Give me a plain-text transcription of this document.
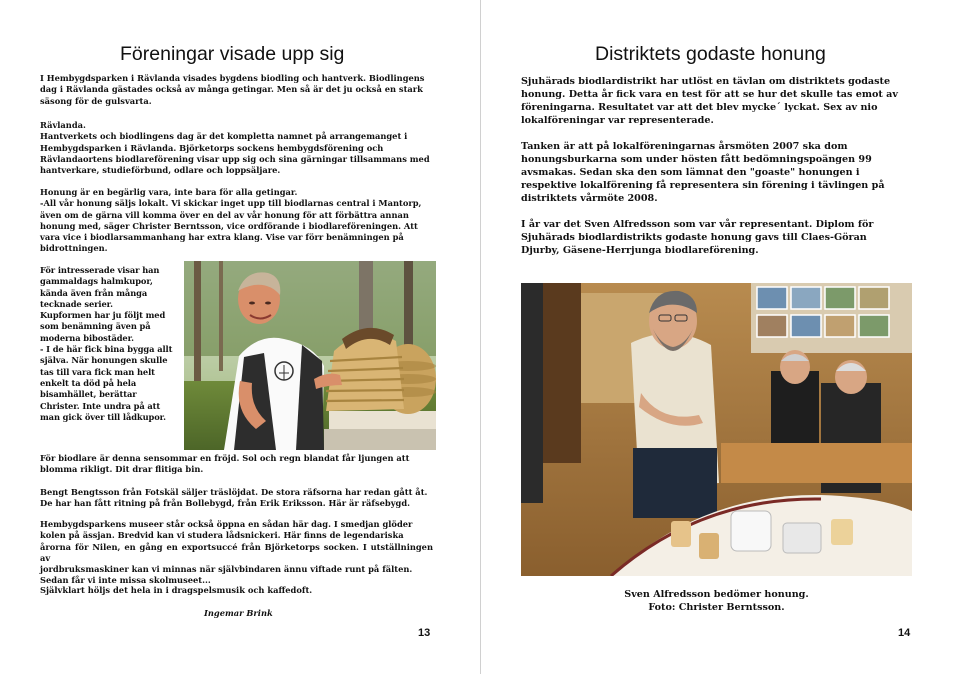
Föreningar visade upp sig
I Hembygdsparken i Rävlanda visades bygdens biodling och hantverk. Biodlingens
dag i Rävlanda gästades också av många getingar. Men så är det ju också en stark
säsong för de gulsvarta.
Rävlanda.
Hantverkets och biodlingens dag är det kompletta namnet på arrangemanget i
Hembygdsparken i Rävlanda. Björketorps sockens hembygdsförening och
Rävlandaortens biodlareförening visar upp sig och sina gärningar tillsammans med
hantverkare, studieförbund, odlare och loppsäljare.
Honung är en begärlig vara, inte bara för alla getingar.
-All vår honung säljs lokalt. Vi skickar inget upp till biodlarnas central i Mantorp,
även om de gärna vill komma över en del av vår honung för att förbättra annan
honung med, säger Christer Berntsson, vice ordförande i biodlareföreningen. Att
vara vice i biodlarsammanhang har extra klang. Vise var förr benämningen på
bidrottningen.
För intresserade visar han
gammaldags halmkupor,
kända även från många
tecknade serier.
Kupformen har ju följt med
som benämning även på
moderna bibostäder.
- I de här fick bina bygga allt
själva. När honungen skulle
tas till vara fick man helt
enkelt ta död på hela
bisamhället, berättar
Christer. Inte undra på att
man gick över till lådkupor.
För biodlare är denna sensommar en fröjd. Sol och regn blandat får ljungen att
blomma rikligt. Dit drar flitiga bin.
Bengt Bengtsson från Fotskäl säljer träslöjdat. De stora räfsorna har redan gått åt.
De har han fått ritning på från Bollebygd, från Erik Eriksson. Här är räfsebygd.
Hembygdsparkens museer står också öppna en sådan här dag. I smedjan glöder
kolen på ässjan. Bredvid kan vi studera lådsnickeri. Här finns de legendariska
årorna för Nilen, en gång en exportsuccé från Björketorps socken. I utställningen av
jordbruksmaskiner kan vi minnas när självbindaren ännu viftade runt på fälten.
Sedan får vi inte missa skolmuseet...
Självklart höljs det hela in i dragspelsmusik och kaffedoft.
Ingemar Brink
13
Distriktets godaste honung
Sjuhärads biodlardistrikt har utlöst en tävlan om distriktets godaste
honung. Detta år fick vara en test för att se hur det skulle tas emot av
föreningarna. Resultatet var att det blev mycke´ lyckat. Sex av nio
lokalföreningar var representerade.
Tanken är att på lokalföreningarnas årsmöten 2007 ska dom
honungsburkarna som under hösten fått bedömningspoängen 99
avsmakas. Sedan ska den som lämnat den "goaste" honungen i
respektive lokalförening få representera sin förening i tävlingen på
distriktets vårmöte 2008.
I år var det Sven Alfredsson som var vår representant. Diplom för
Sjuhärads biodlardistrikts godaste honung gavs till Claes-Göran
Djurby, Gäsene-Herrjunga biodlareförening.
Sven Alfredsson bedömer honung.
Foto: Christer Berntsson.
14
